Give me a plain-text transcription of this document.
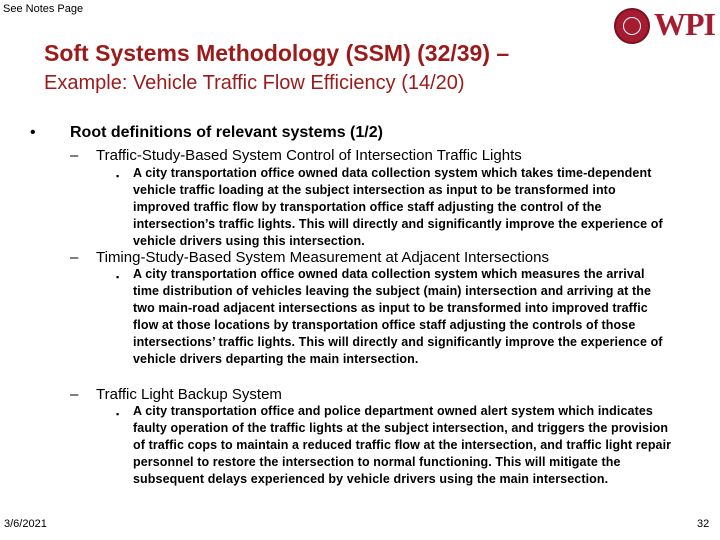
See Notes Page	WPI
Soft Systems Methodology (SSM) (32/39) –
Example: Vehicle Traffic Flow Efficiency (14/20)
• Root definitions of relevant systems (1/2)
– Traffic-Study-Based System Control of Intersection Traffic Lights
▪ A city transportation office owned data collection system which takes time-dependent vehicle traffic loading at the subject intersection as input to be transformed into improved traffic flow by transportation office staff adjusting the control of the intersection’s traffic lights. This will directly and significantly improve the experience of vehicle drivers using this intersection.
– Timing-Study-Based System Measurement at Adjacent Intersections
▪ A city transportation office owned data collection system which measures the arrival time distribution of vehicles leaving the subject (main) intersection and arriving at the two main-road adjacent intersections as input to be transformed into improved traffic flow at those locations by transportation office staff adjusting the controls of those intersections’ traffic lights. This will directly and significantly improve the experience of vehicle drivers departing the main intersection.
– Traffic Light Backup System
▪ A city transportation office and police department owned alert system which indicates faulty operation of the traffic lights at the subject intersection, and triggers the provision of traffic cops to maintain a reduced traffic flow at the intersection, and traffic light repair personnel to restore the intersection to normal functioning. This will mitigate the subsequent delays experienced by vehicle drivers using the main intersection.
3/6/2021	32
